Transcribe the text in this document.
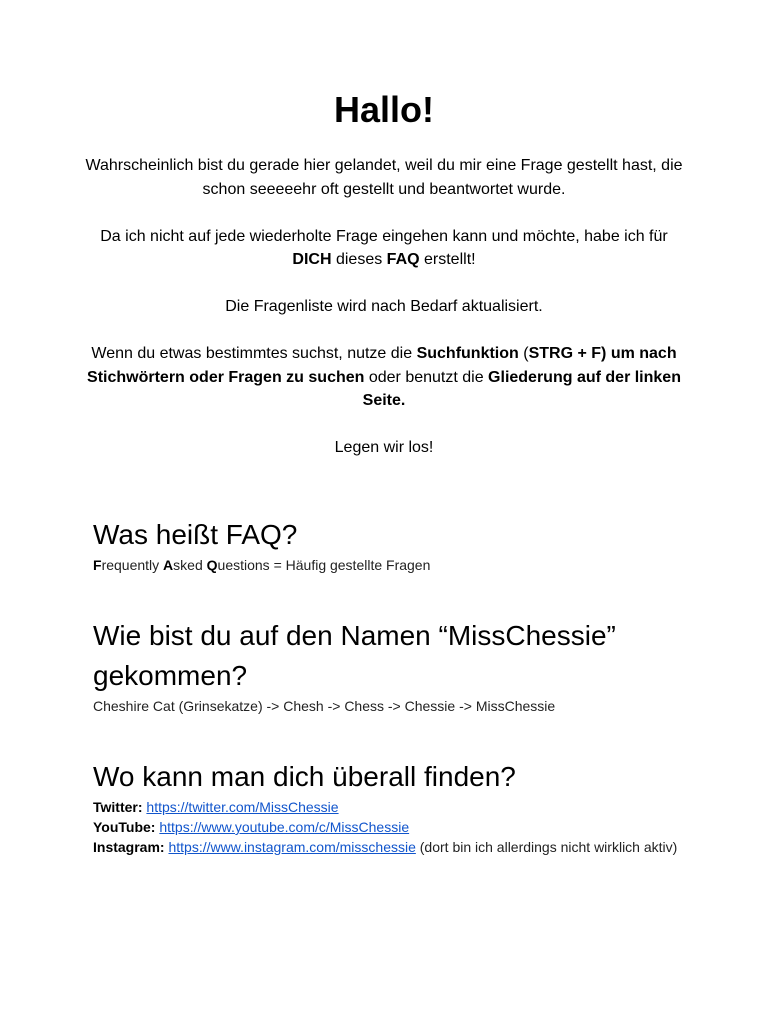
Hallo!

Wahrscheinlich bist du gerade hier gelandet, weil du mir eine Frage gestellt hast, die schon seeeeehr oft gestellt und beantwortet wurde.

Da ich nicht auf jede wiederholte Frage eingehen kann und möchte, habe ich für DICH dieses FAQ erstellt!

Die Fragenliste wird nach Bedarf aktualisiert.

Wenn du etwas bestimmtes suchst, nutze die Suchfunktion (STRG + F) um nach Stichwörtern oder Fragen zu suchen oder benutzt die Gliederung auf der linken Seite.

Legen wir los!

Was heißt FAQ?

Frequently Asked Questions = Häufig gestellte Fragen

Wie bist du auf den Namen “MissChessie” gekommen?

Cheshire Cat (Grinsekatze) -> Chesh -> Chess -> Chessie -> MissChessie

Wo kann man dich überall finden?

Twitter: https://twitter.com/MissChessie

YouTube: https://www.youtube.com/c/MissChessie

Instagram: https://www.instagram.com/misschessie (dort bin ich allerdings nicht wirklich aktiv)
